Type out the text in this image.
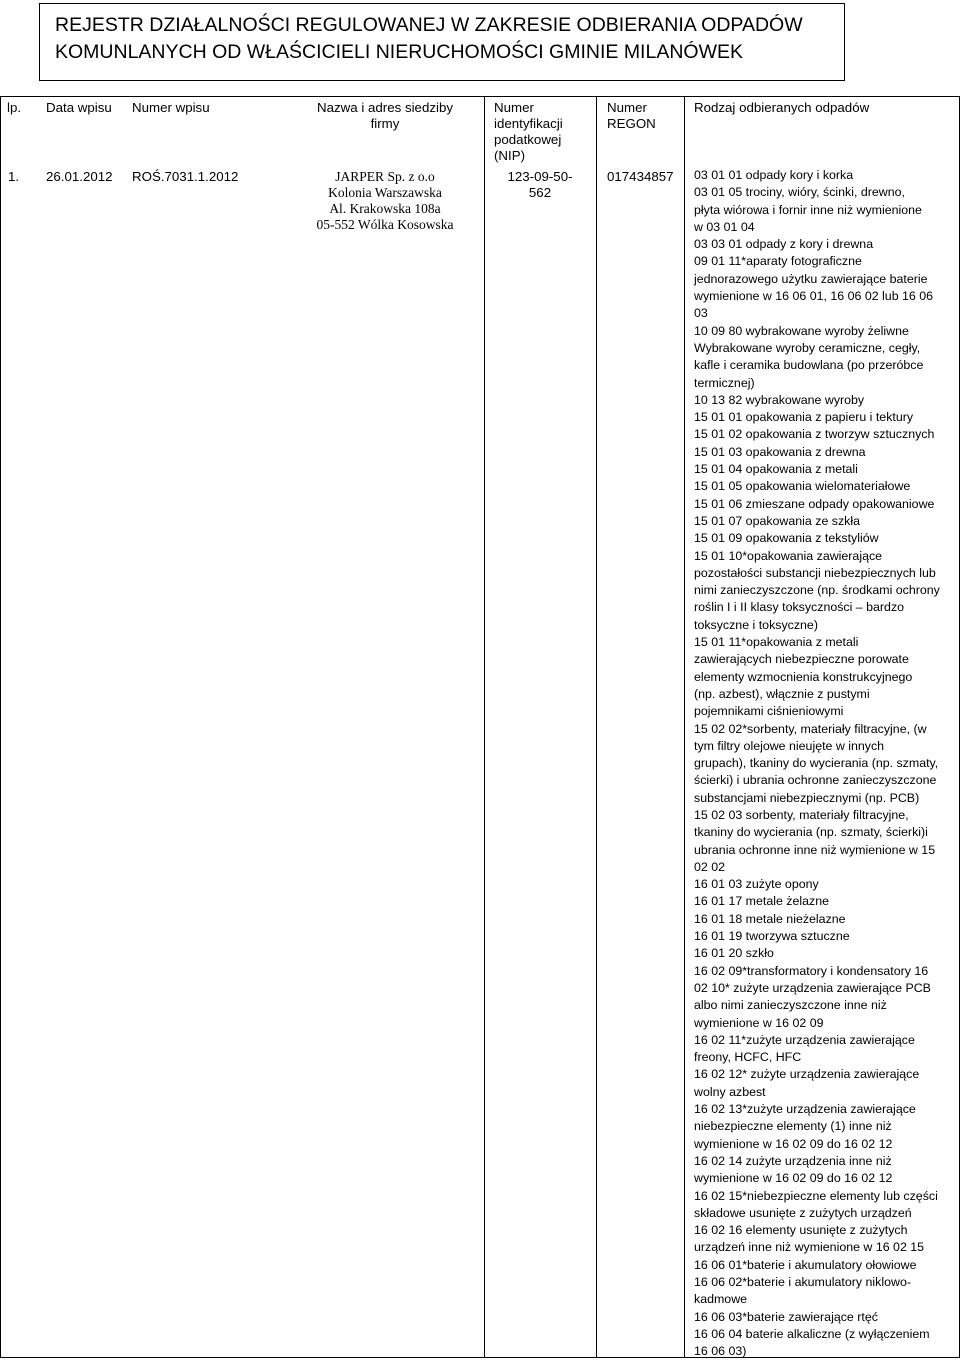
REJESTR DZIAŁALNOŚCI REGULOWANEJ W ZAKRESIE ODBIERANIA ODPADÓW
KOMUNLANYCH OD WŁAŚCICIELI NIERUCHOMOŚCI GMINIE MILANÓWEK
lp. Data wpisu Numer wpisu	Nazwa i adres siedziby
firmy
Numer
identyfikacji
podatkowej
(NIP)
Numer
REGON
Rodzaj odbieranych odpadów
1. 26.01.2012 ROŚ.7031.1.2012	JARPER Sp. z o.o
Kolonia Warszawska
Al. Krakowska 108a
05-552 Wólka Kosowska
123-09-50-
562
017434857 03 01 01 odpady kory i korka
03 01 05 trociny, wióry, ścinki, drewno,
płyta wiórowa i fornir inne niż wymienione
w 03 01 04
03 03 01 odpady z kory i drewna
09 01 11*aparaty fotograficzne
jednorazowego użytku zawierające baterie
wymienione w 16 06 01, 16 06 02 lub 16 06
03
10 09 80 wybrakowane wyroby żeliwne
Wybrakowane wyroby ceramiczne, cegły,
kafle i ceramika budowlana (po przeróbce
termicznej)
10 13 82 wybrakowane wyroby
15 01 01 opakowania z papieru i tektury
15 01 02 opakowania z tworzyw sztucznych
15 01 03 opakowania z drewna
15 01 04 opakowania z metali
15 01 05 opakowania wielomateriałowe
15 01 06 zmieszane odpady opakowaniowe
15 01 07 opakowania ze szkła
15 01 09 opakowania z tekstyliów
15 01 10*opakowania zawierające
pozostałości substancji niebezpiecznych lub
nimi zanieczyszczone (np. środkami ochrony
roślin I i II klasy toksyczności – bardzo
toksyczne i toksyczne)
15 01 11*opakowania z metali
zawierających niebezpieczne porowate
elementy wzmocnienia konstrukcyjnego
(np. azbest), włącznie z pustymi
pojemnikami ciśnieniowymi
15 02 02*sorbenty, materiały filtracyjne, (w
tym filtry olejowe nieujęte w innych
grupach), tkaniny do wycierania (np. szmaty,
ścierki) i ubrania ochronne zanieczyszczone
substancjami niebezpiecznymi (np. PCB)
15 02 03 sorbenty, materiały filtracyjne,
tkaniny do wycierania (np. szmaty, ścierki)i
ubrania ochronne inne niż wymienione w 15
02 02
16 01 03 zużyte opony
16 01 17 metale żelazne
16 01 18 metale nieżelazne
16 01 19 tworzywa sztuczne
16 01 20 szkło
16 02 09*transformatory i kondensatory 16
02 10* zużyte urządzenia zawierające PCB
albo nimi zanieczyszczone inne niż
wymienione w 16 02 09
16 02 11*zużyte urządzenia zawierające
freony, HCFC, HFC
16 02 12* zużyte urządzenia zawierające
wolny azbest
16 02 13*zużyte urządzenia zawierające
niebezpieczne elementy (1) inne niż
wymienione w 16 02 09 do 16 02 12
16 02 14 zużyte urządzenia inne niż
wymienione w 16 02 09 do 16 02 12
16 02 15*niebezpieczne elementy lub części
składowe usunięte z zużytych urządzeń
16 02 16 elementy usunięte z zużytych
urządzeń inne niż wymienione w 16 02 15
16 06 01*baterie i akumulatory ołowiowe
16 06 02*baterie i akumulatory niklowo-
kadmowe
16 06 03*baterie zawierające rtęć
16 06 04 baterie alkaliczne (z wyłączeniem
16 06 03)
